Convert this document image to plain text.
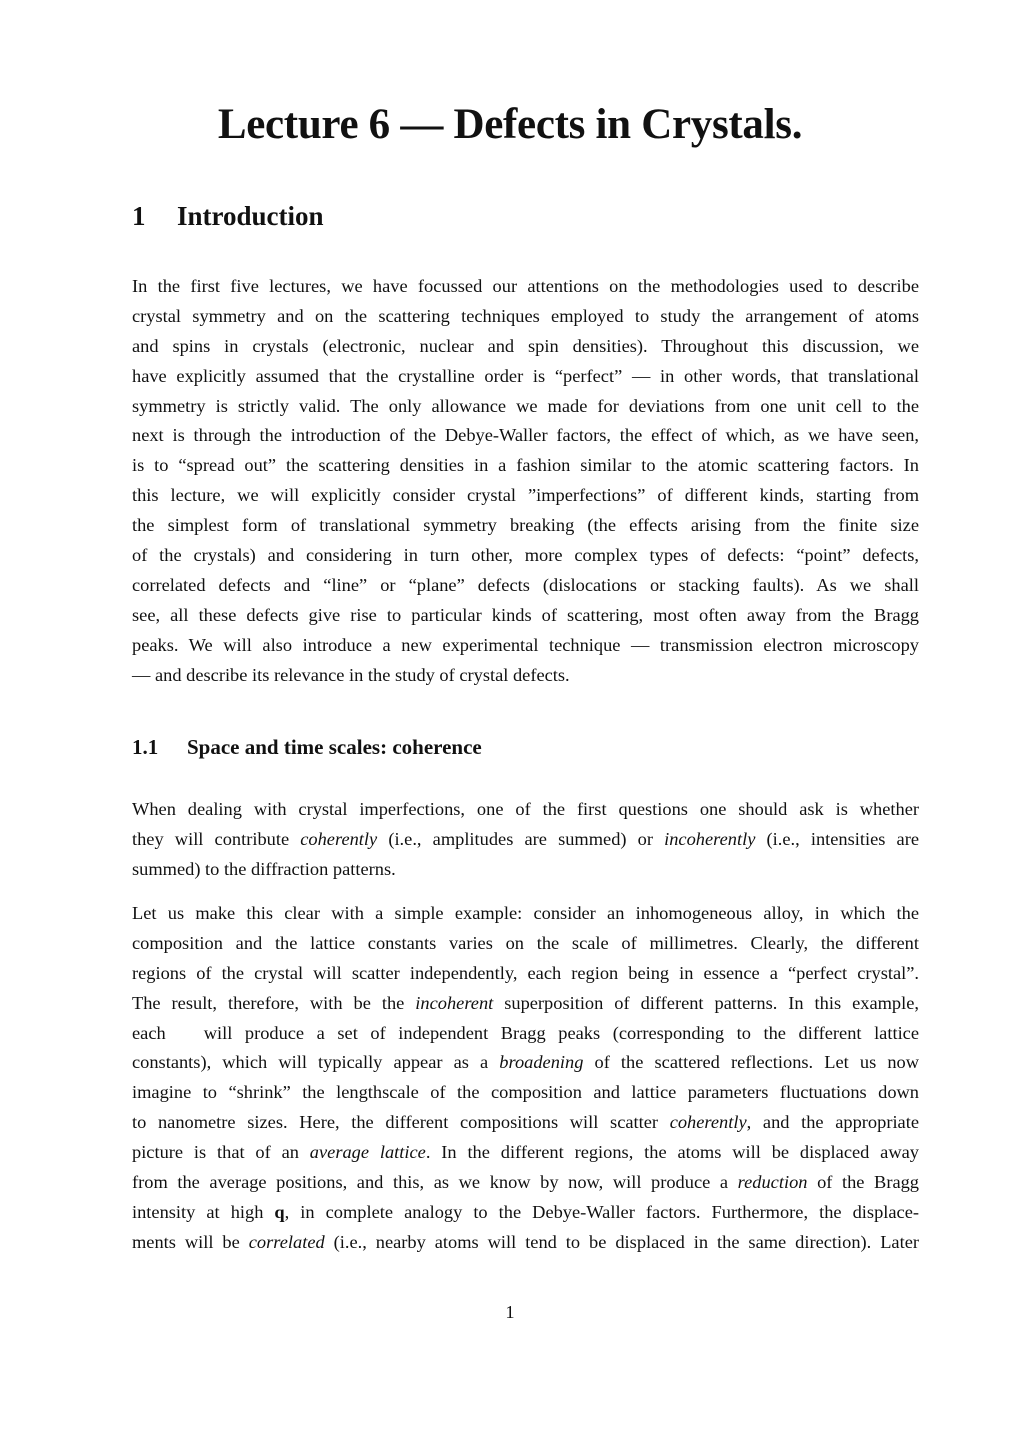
Lecture 6 — Defects in Crystals.
1 Introduction
In the first five lectures, we have focussed our attentions on the methodologies used to describe
crystal symmetry and on the scattering techniques employed to study the arrangement of atoms
and spins in crystals (electronic, nuclear and spin densities). Throughout this discussion, we
have explicitly assumed that the crystalline order is “perfect” — in other words, that translational
symmetry is strictly valid. The only allowance we made for deviations from one unit cell to the
next is through the introduction of the Debye-Waller factors, the effect of which, as we have seen,
is to “spread out” the scattering densities in a fashion similar to the atomic scattering factors. In
this lecture, we will explicitly consider crystal ”imperfections” of different kinds, starting from
the simplest form of translational symmetry breaking (the effects arising from the finite size
of the crystals) and considering in turn other, more complex types of defects: “point” defects,
correlated defects and “line” or “plane” defects (dislocations or stacking faults). As we shall
see, all these defects give rise to particular kinds of scattering, most often away from the Bragg
peaks. We will also introduce a new experimental technique — transmission electron microscopy
— and describe its relevance in the study of crystal defects.
1.1 Space and time scales: coherence
When dealing with crystal imperfections, one of the first questions one should ask is whether
they will contribute coherently (i.e., amplitudes are summed) or incoherently (i.e., intensities are
summed) to the diffraction patterns.
Let us make this clear with a simple example: consider an inhomogeneous alloy, in which the
composition and the lattice constants varies on the scale of millimetres. Clearly, the different
regions of the crystal will scatter independently, each region being in essence a “perfect crystal”.
The result, therefore, with be the incoherent superposition of different patterns. In this example,
each will produce a set of independent Bragg peaks (corresponding to the different lattice
constants), which will typically appear as a broadening of the scattered reflections. Let us now
imagine to “shrink” the lengthscale of the composition and lattice parameters fluctuations down
to nanometre sizes. Here, the different compositions will scatter coherently, and the appropriate
picture is that of an average lattice. In the different regions, the atoms will be displaced away
from the average positions, and this, as we know by now, will produce a reduction of the Bragg
intensity at high q, in complete analogy to the Debye-Waller factors. Furthermore, the displace-
ments will be correlated (i.e., nearby atoms will tend to be displaced in the same direction). Later
1
